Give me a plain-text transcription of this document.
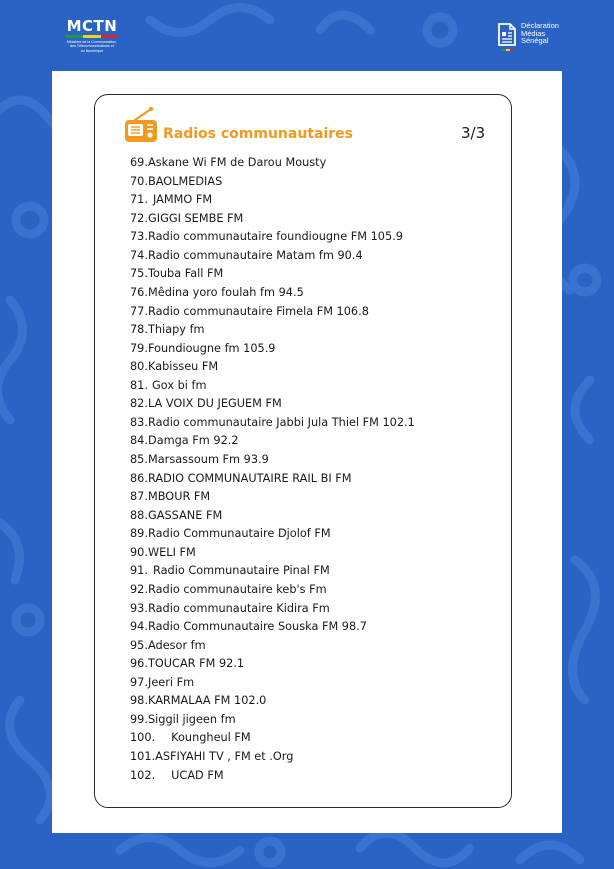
MCTN
Ministère de la Communication,
des Télécommunications et
du Numérique
Déclaration
Médias
Sénégal
Radios communautaires	3/3
69. Askane Wi FM de Darou Mousty
70. BAOLMEDIAS
71. JAMMO FM
72. GIGGI SEMBE FM
73. Radio communautaire foundiougne FM 105.9
74. Radio communautaire Matam fm 90.4
75. Touba Fall FM
76. Mêdina yoro foulah fm 94.5
77. Radio communautaire Fimela FM 106.8
78. Thiapy fm
79. Foundiougne fm 105.9
80. Kabisseu FM
81. Gox bi fm
82. LA VOIX DU JEGUEM FM
83. Radio communautaire Jabbi Jula Thiel FM 102.1
84. Damga Fm 92.2
85. Marsassoum Fm 93.9
86. RADIO COMMUNAUTAIRE RAIL BI FM
87. MBOUR FM
88. GASSANE FM
89. Radio Communautaire Djolof FM
90. WELI FM
91. Radio Communautaire Pinal FM
92. Radio communautaire keb's Fm
93. Radio communautaire Kidira Fm
94. Radio Communautaire Souska FM 98.7
95. Adesor fm
96. TOUCAR FM 92.1
97. Jeeri Fm
98. KARMALAA FM 102.0
99. Siggil jigeen fm
100. Koungheul FM
101. ASFIYAHI TV , FM et .Org
102. UCAD FM
